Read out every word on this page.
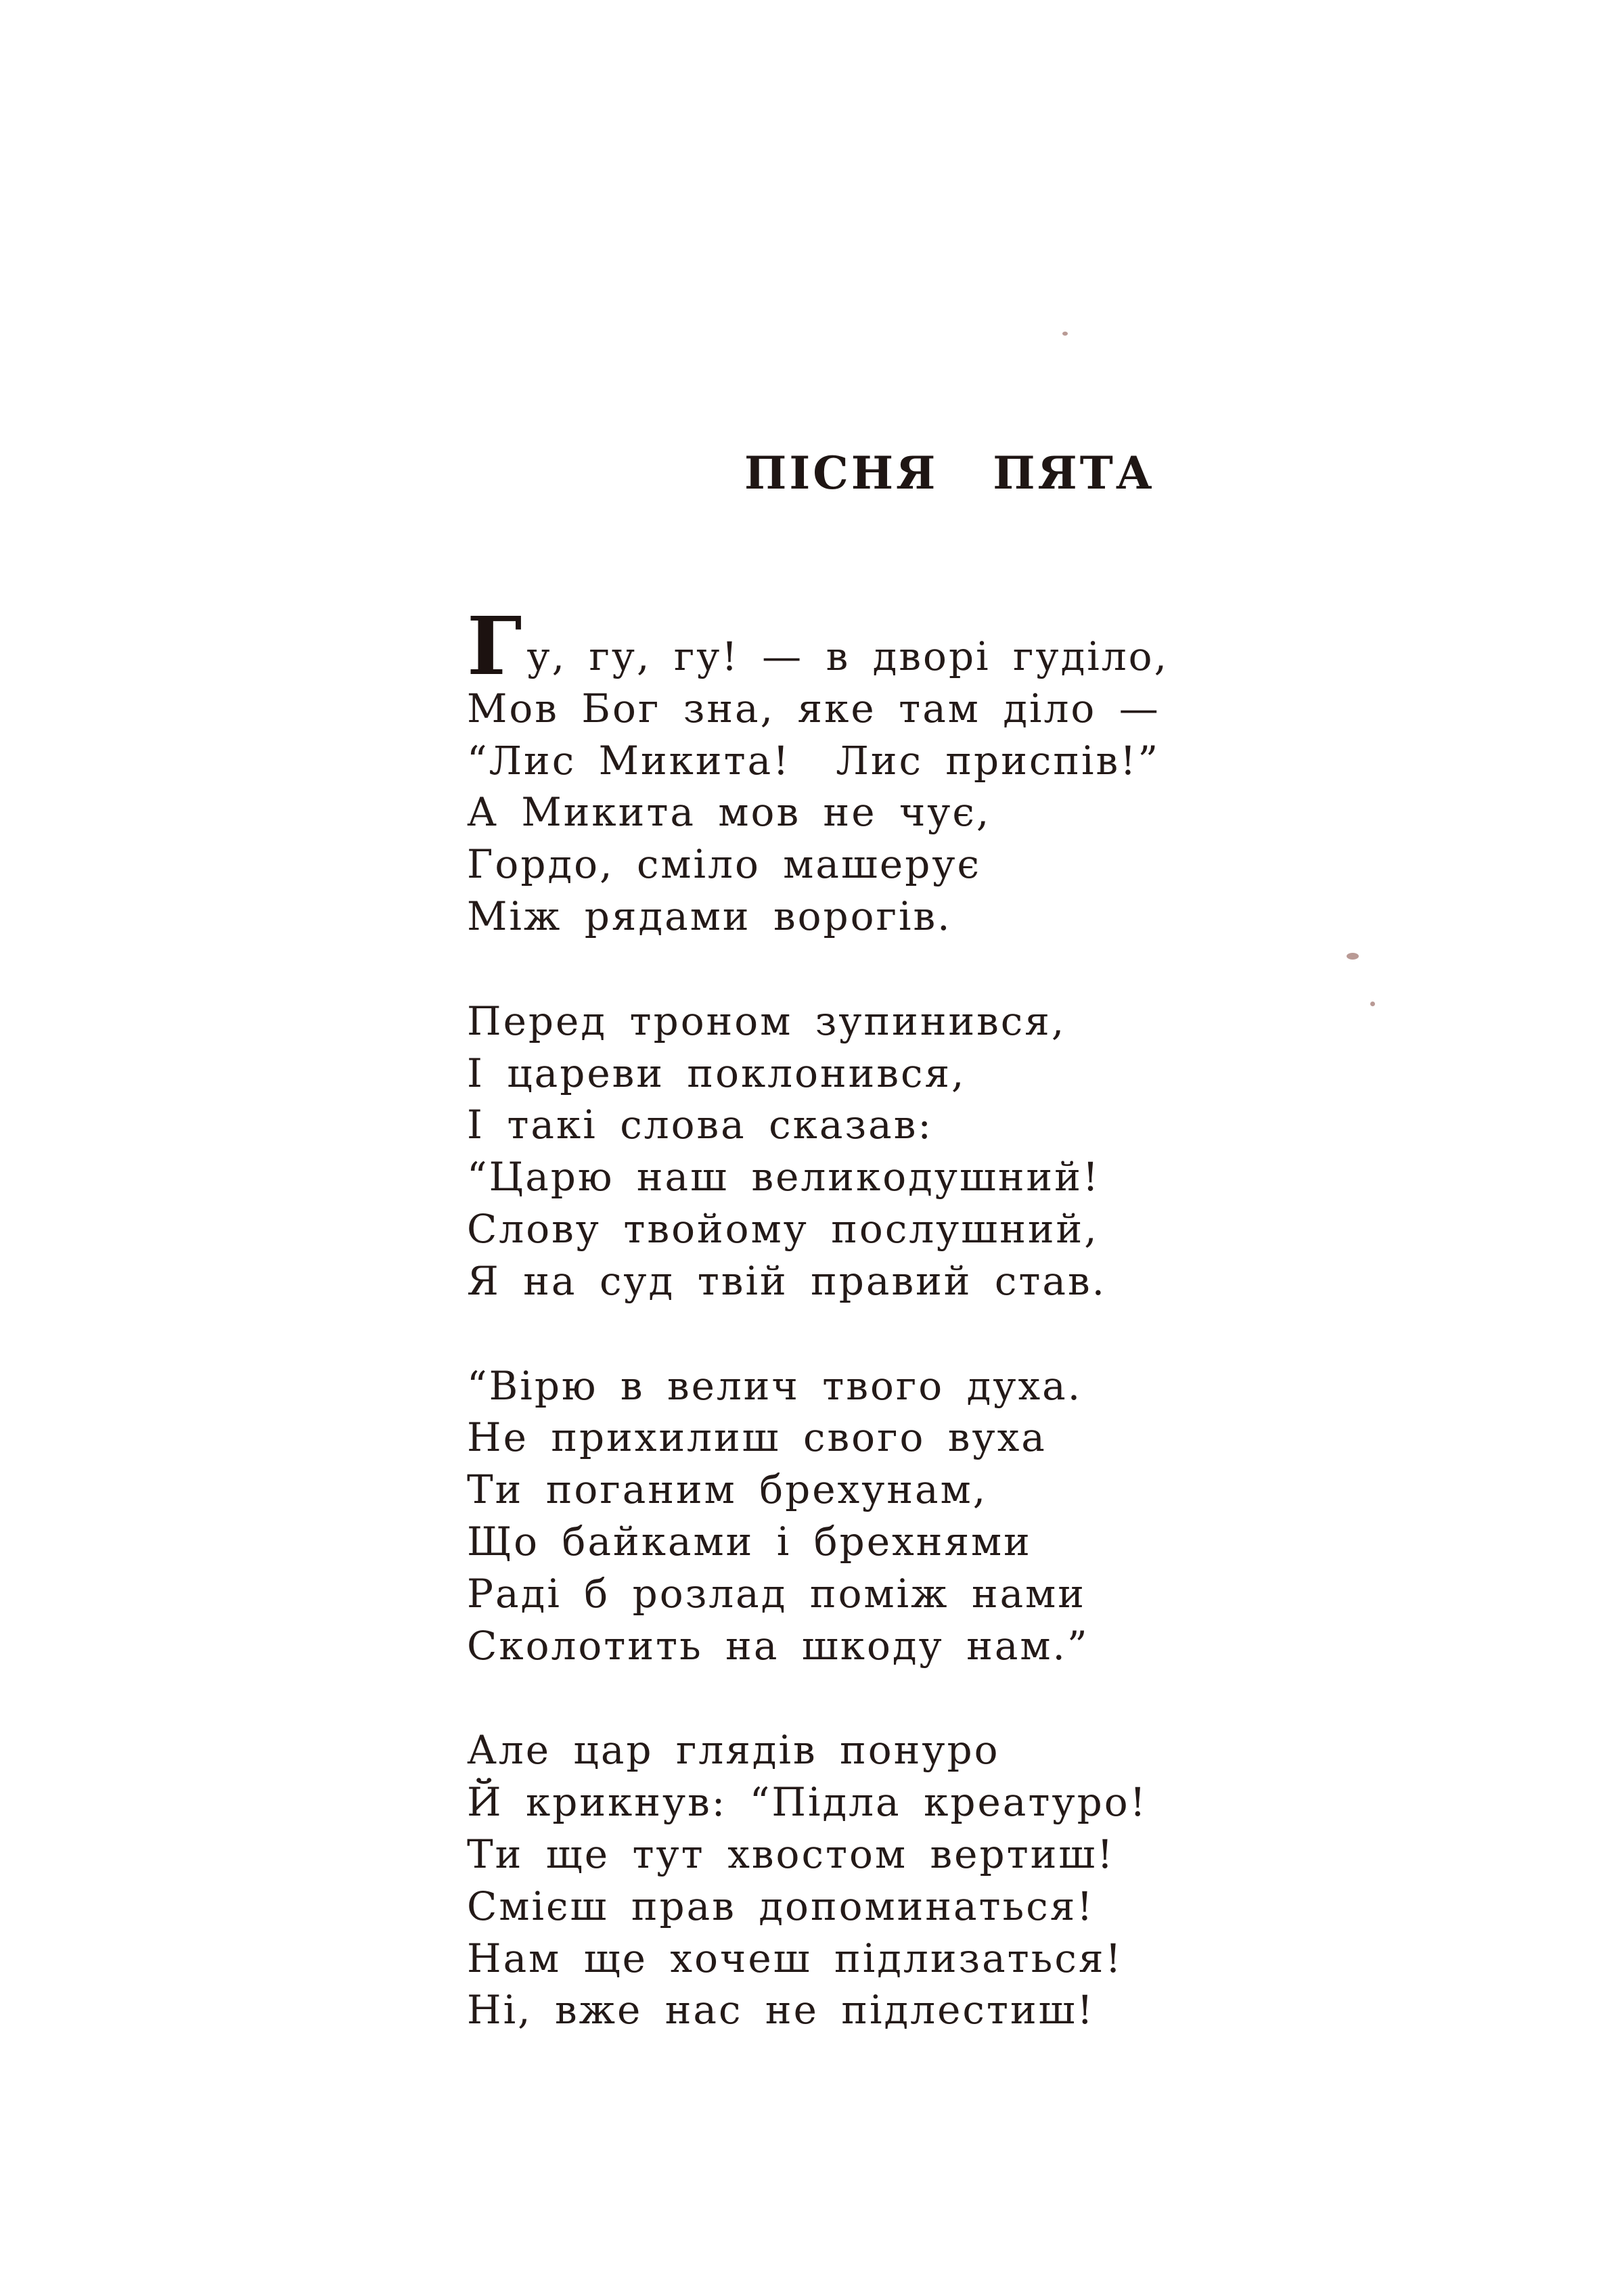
ПІСНЯ   ПЯТА
Гу, гу, гу! — в дворі гуділо,
Мов Бог зна, яке там діло —
“Лис Микита!  Лис приспів!”
А Микита мов не чує,
Гордо, сміло машерує
Між рядами ворогів.
Перед троном зупинився,
І цареви поклонився,
І такі слова сказав:
“Царю наш великодушний!
Слову твойому послушний,
Я на суд твій правий став.
“Вірю в велич твого духа.
Не прихилиш свого вуха
Ти поганим брехунам,
Що байками і брехнями
Раді б розлад поміж нами
Сколотить на шкоду нам.”
Але цар глядів понуро
Й крикнув: “Підла креатуро!
Ти ще тут хвостом вертиш!
Смієш прав допоминаться!
Нам ще хочеш підлизаться!
Ні, вже нас не підлестиш!
